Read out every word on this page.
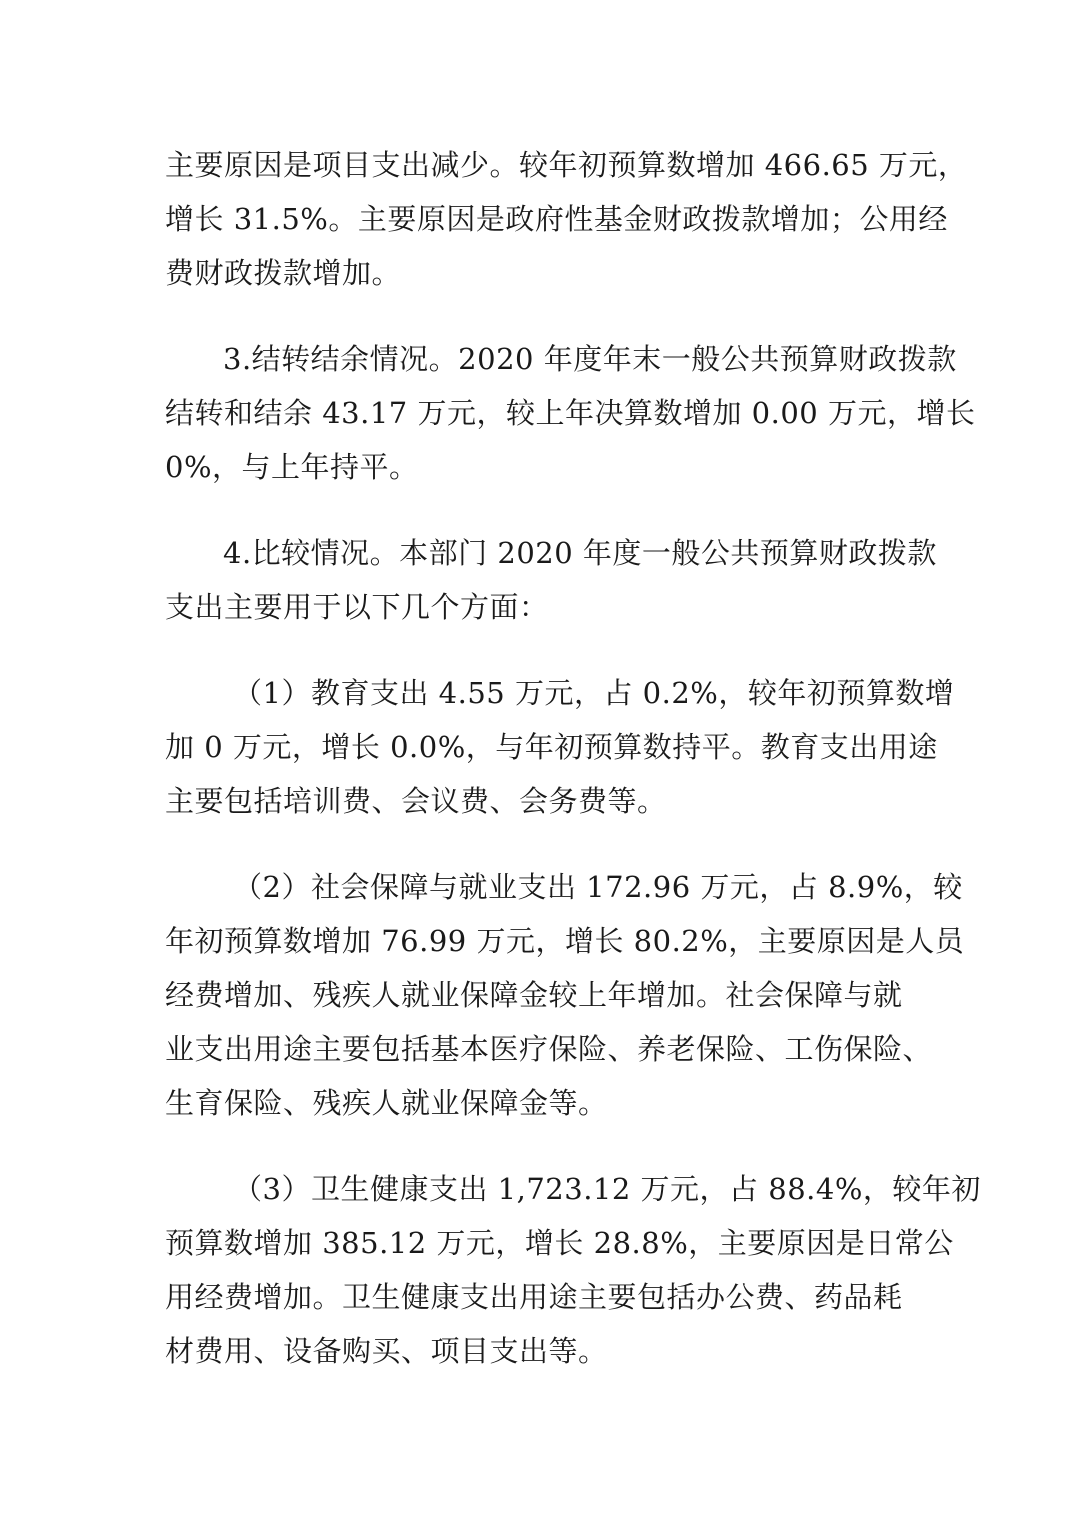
主要原因是项目支出减少。较年初预算数增加 466.65 万元，

增长 31.5%。主要原因是政府性基金财政拨款增加；公用经

费财政拨款增加。

3.结转结余情况。2020 年度年末一般公共预算财政拨款

结转和结余 43.17 万元，较上年决算数增加 0.00 万元，增长

0%，与上年持平。

4.比较情况。本部门 2020 年度一般公共预算财政拨款

支出主要用于以下几个方面：

（1）教育支出 4.55 万元，占 0.2%，较年初预算数增

加 0 万元，增长 0.0%，与年初预算数持平。教育支出用途

主要包括培训费、会议费、会务费等。

（2）社会保障与就业支出 172.96 万元，占 8.9%，较

年初预算数增加 76.99 万元，增长 80.2%，主要原因是人员

经费增加、残疾人就业保障金较上年增加。社会保障与就

业支出用途主要包括基本医疗保险、养老保险、工伤保险、

生育保险、残疾人就业保障金等。

（3）卫生健康支出 1,723.12 万元，占 88.4%，较年初

预算数增加 385.12 万元，增长 28.8%，主要原因是日常公

用经费增加。卫生健康支出用途主要包括办公费、药品耗

材费用、设备购买、项目支出等。
